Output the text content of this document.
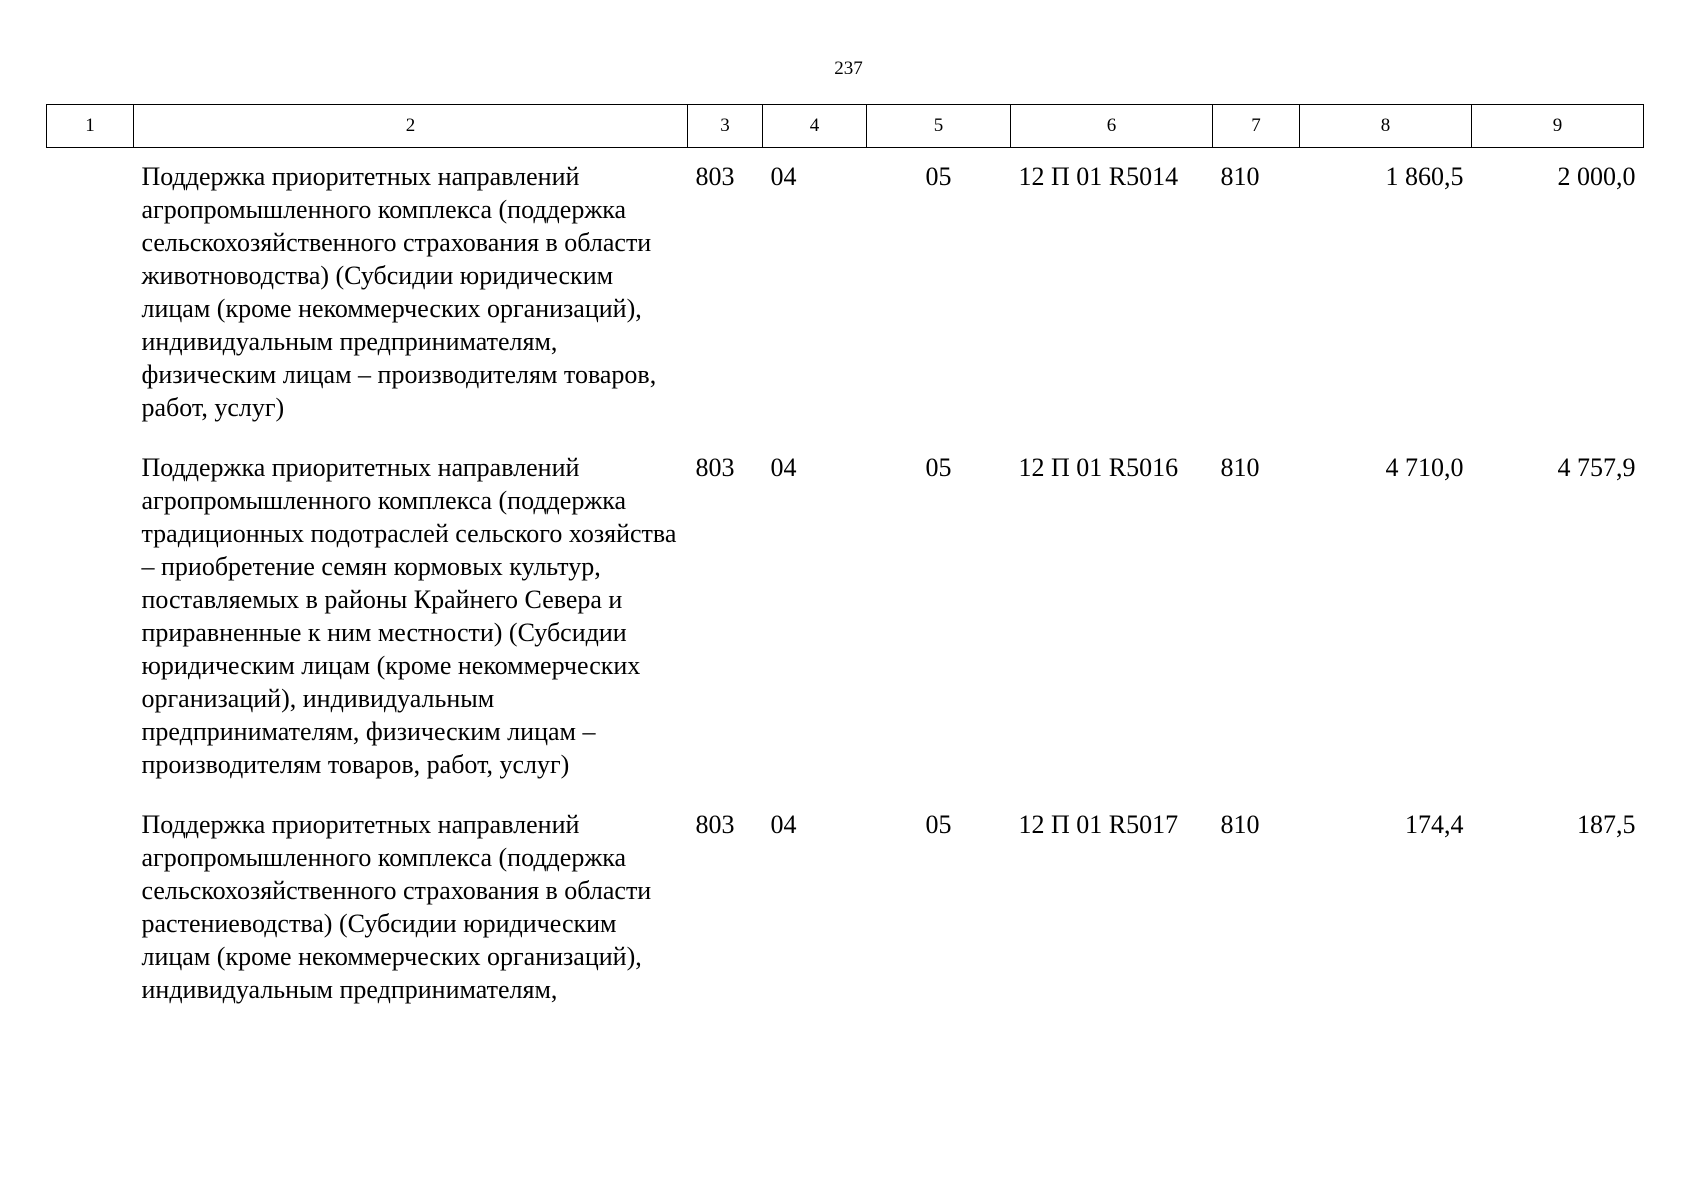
237
1	2	3	4	5	6	7	8	9
	Поддержка приоритетных направлений агропромышленного комплекса (поддержка сельскохозяйственного страхования в области животноводства) (Субсидии юридическим лицам (кроме некоммерческих организаций), индивидуальным предпринимателям, физическим лицам – производителям товаров, работ, услуг)	803	04	05	12 П 01 R5014	810	1 860,5	2 000,0
	Поддержка приоритетных направлений агропромышленного комплекса (поддержка традиционных подотраслей сельского хозяйства – приобретение семян кормовых культур, поставляемых в районы Крайнего Севера и приравненные к ним местности) (Субсидии юридическим лицам (кроме некоммерческих организаций), индивидуальным предпринимателям, физическим лицам – производителям товаров, работ, услуг)	803	04	05	12 П 01 R5016	810	4 710,0	4 757,9
	Поддержка приоритетных направлений агропромышленного комплекса (поддержка сельскохозяйственного страхования в области растениеводства) (Субсидии юридическим лицам (кроме некоммерческих организаций), индивидуальным предпринимателям,	803	04	05	12 П 01 R5017	810	174,4	187,5
